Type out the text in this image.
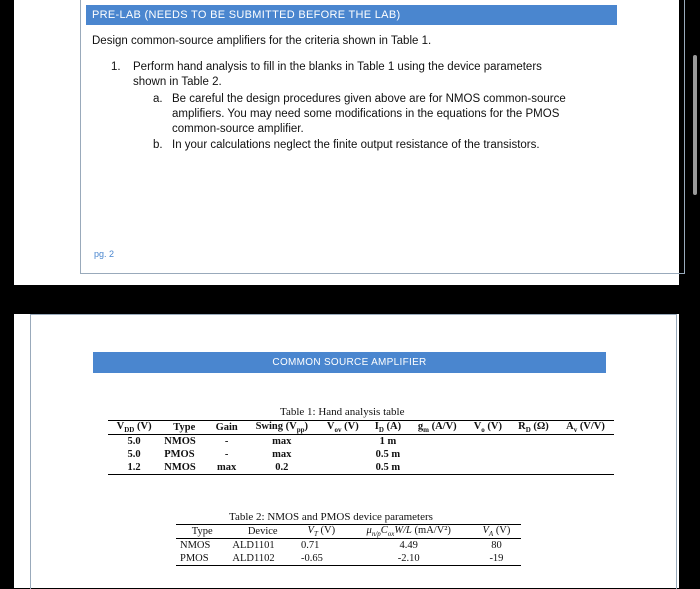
PRE-LAB (NEEDS TO BE SUBMITTED BEFORE THE LAB)
Design common-source amplifiers for the criteria shown in Table 1.
1. Perform hand analysis to fill in the blanks in Table 1 using the device parameters
shown in Table 2.
a. Be careful the design procedures given above are for NMOS common-source
amplifiers. You may need some modifications in the equations for the PMOS
common-source amplifier.
b. In your calculations neglect the finite output resistance of the transistors.
pg. 2
COMMON SOURCE AMPLIFIER
Table 1: Hand analysis table
$V_{DD}$ (V)	Type	Gain	Swing $(V_{pp})$	$V_{ov}$ (V)	$I_D$ (A)	$g_m$ (A/V)	$V_o$ (V)	$R_D$ (Ω)	$A_v$ (V/V)
5.0	NMOS	-	max		1 m				
5.0	PMOS	-	max		0.5 m				
1.2	NMOS	max	0.2		0.5 m				
Table 2: NMOS and PMOS device parameters
Type	Device	$V_T$ (V)	$\mu_{n/p}C_{ox}W/L$ (mA/V²)	$V_A$ (V)
NMOS	ALD1101	0.71	4.49	80
PMOS	ALD1102	-0.65	-2.10	-19
